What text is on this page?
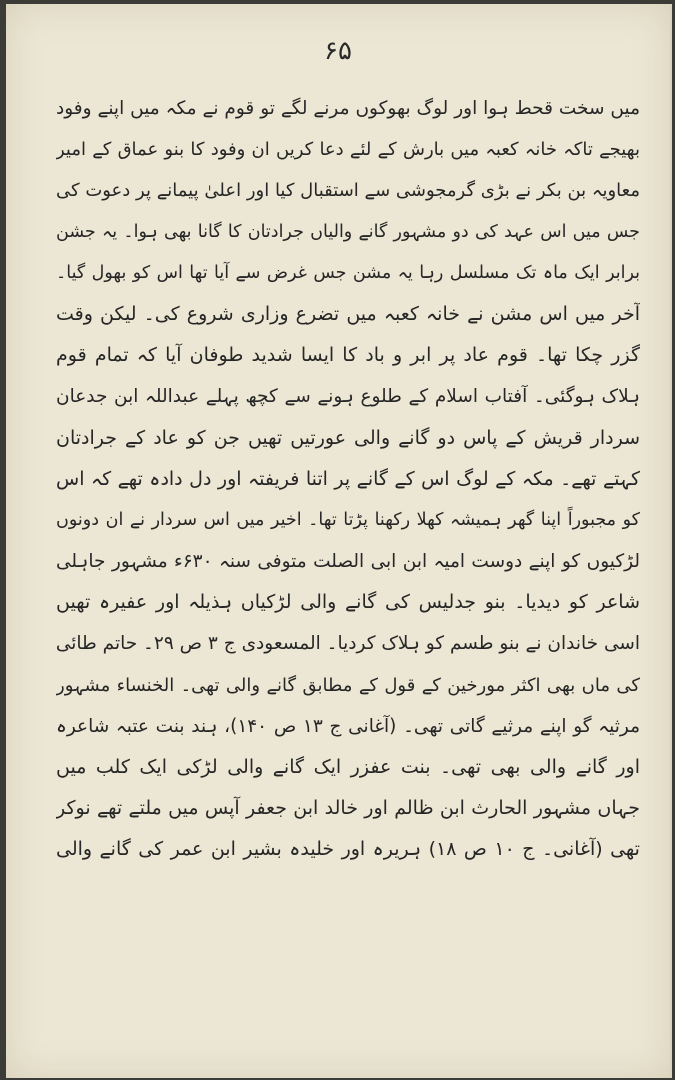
۶۵
میں سخت قحط ہوا اور لوگ بھوکوں مرنے لگے تو قوم نے مکہ میں اپنے وفود
بھیجے تاکہ خانہ کعبہ میں بارش کے لئے دعا کریں ان وفود کا بنو عماق کے امیر
معاویہ بن بکر نے بڑی گرمجوشی سے استقبال کیا اور اعلیٰ پیمانے پر دعوت کی
جس میں اس عہد کی دو مشہور گانے والیاں جرادتان کا گانا بھی ہوا۔ یہ جشن
برابر ایک ماہ تک مسلسل رہا یہ مشن جس غرض سے آیا تھا اس کو بھول گیا۔
آخر میں اس مشن نے خانہ کعبہ میں تضرع وزاری شروع کی۔ لیکن وقت
گزر چکا تھا۔ قوم عاد پر ابر و باد کا ایسا شدید طوفان آیا کہ تمام قوم
ہلاک ہوگئی۔ آفتاب اسلام کے طلوع ہونے سے کچھ پہلے عبداللہ ابن جدعان
سردار قریش کے پاس دو گانے والی عورتیں تھیں جن کو عاد کے جرادتان
کہتے تھے۔ مکہ کے لوگ اس کے گانے پر اتنا فریفتہ اور دل دادہ تھے کہ اس
کو مجبوراً اپنا گھر ہمیشہ کھلا رکھنا پڑتا تھا۔ اخیر میں اس سردار نے ان دونوں
لڑکیوں کو اپنے دوست امیہ ابن ابی الصلت متوفی سنہ ۶۳۰ء مشہور جاہلی
شاعر کو دیدیا۔ بنو جدلیس کی گانے والی لڑکیاں ہذیلہ اور عفیرہ تھیں
اسی خاندان نے بنو طسم کو ہلاک کردیا۔ المسعودی ج ۳ ص ۲۹۔ حاتم طائی
کی ماں بھی اکثر مورخین کے قول کے مطابق گانے والی تھی۔ الخنساء مشہور
مرثیہ گو اپنے مرثیے گاتی تھی۔ (آغانی ج ۱۳ ص ۱۴۰)، ہند بنت عتبہ شاعرہ
اور گانے والی بھی تھی۔ بنت عفزر ایک گانے والی لڑکی ایک کلب میں
جہاں مشہور الحارث ابن ظالم اور خالد ابن جعفر آپس میں ملتے تھے نوکر
تھی (آغانی۔ ج ۱۰ ص ۱۸) ہریرہ اور خلیدہ بشیر ابن عمر کی گانے والی
